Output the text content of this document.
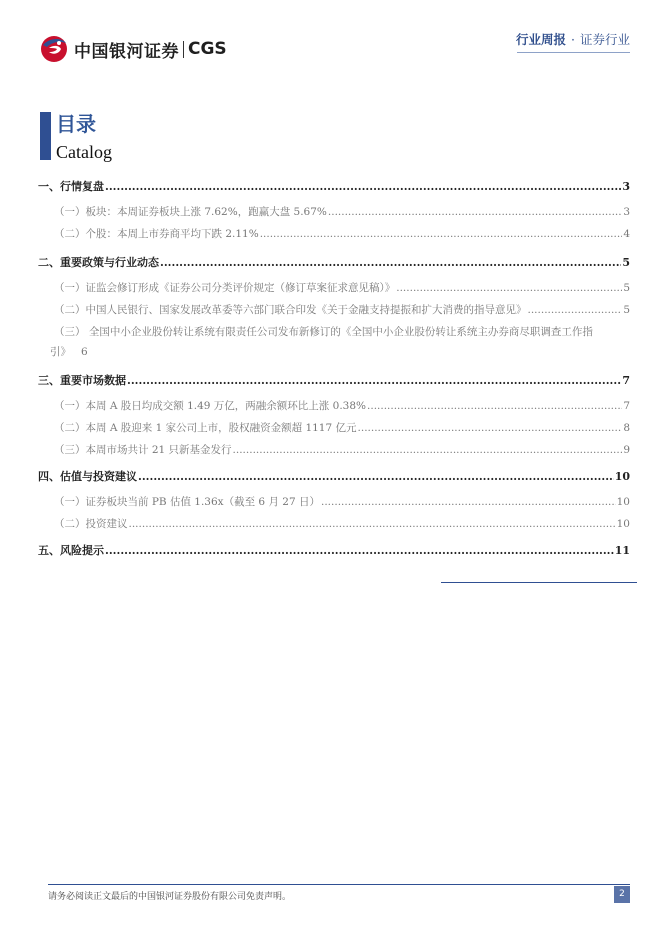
中国银河证券 CGS	行业周报 · 证券行业
目录
Catalog
一、行情复盘 .....	3
（一）板块：本周证券板块上涨 7.62%，跑赢大盘 5.67% .....	3
（二）个股：本周上市券商平均下跌 2.11% .....	4
二、重要政策与行业动态 .....	5
（一）证监会修订形成《证券公司分类评价规定（修订草案征求意见稿）》 .....	5
（二）中国人民银行、国家发展改革委等六部门联合印发《关于金融支持提振和扩大消费的指导意见》 .....	5
（三） 全国中小企业股份转让系统有限责任公司发布新修订的《全国中小企业股份转让系统主办券商尽职调查工作指
引》 6
三、重要市场数据 .....	7
（一）本周 A 股日均成交额 1.49 万亿，两融余额环比上涨 0.38% .....	7
（二）本周 A 股迎来 1 家公司上市，股权融资金额超 1117 亿元 .....	8
（三）本周市场共计 21 只新基金发行 .....	9
四、估值与投资建议 .....	10
（一）证券板块当前 PB 估值 1.36x（截至 6 月 27 日） .....	10
（二）投资建议 .....	10
五、风险提示 .....	11
请务必阅读正文最后的中国银河证券股份有限公司免责声明。	2
